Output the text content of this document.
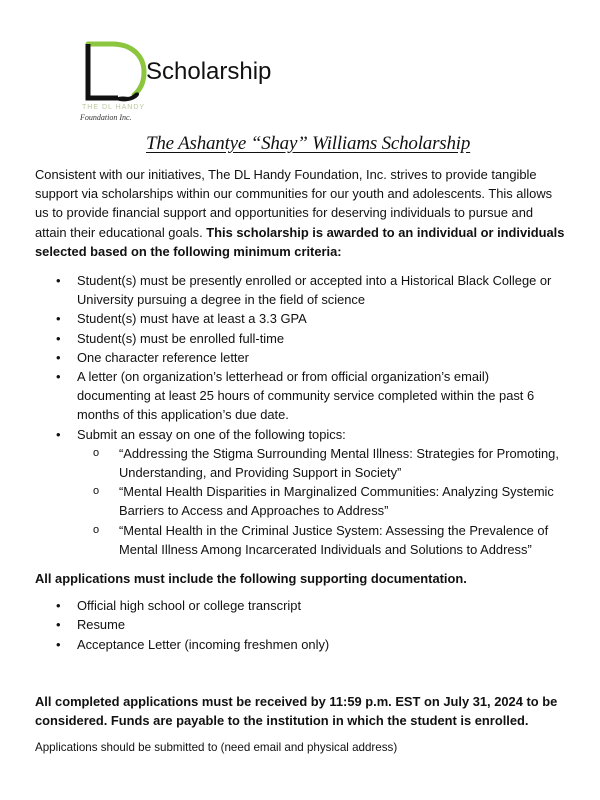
THE DL HANDY
Foundation Inc.
Scholarship
The Ashantye “Shay” Williams Scholarship

Consistent with our initiatives, The DL Handy Foundation, Inc. strives to provide tangible support via scholarships within our communities for our youth and adolescents. This allows us to provide financial support and opportunities for deserving individuals to pursue and attain their educational goals. This scholarship is awarded to an individual or individuals selected based on the following minimum criteria:

• Student(s) must be presently enrolled or accepted into a Historical Black College or University pursuing a degree in the field of science
• Student(s) must have at least a 3.3 GPA
• Student(s) must be enrolled full-time
• One character reference letter
• A letter (on organization’s letterhead or from official organization’s email) documenting at least 25 hours of community service completed within the past 6 months of this application’s due date.
• Submit an essay on one of the following topics:
o “Addressing the Stigma Surrounding Mental Illness: Strategies for Promoting, Understanding, and Providing Support in Society”
o “Mental Health Disparities in Marginalized Communities: Analyzing Systemic Barriers to Access and Approaches to Address”
o “Mental Health in the Criminal Justice System: Assessing the Prevalence of Mental Illness Among Incarcerated Individuals and Solutions to Address”
All applications must include the following supporting documentation.
• Official high school or college transcript
• Resume
• Acceptance Letter (incoming freshmen only)
All completed applications must be received by 11:59 p.m. EST on July 31, 2024 to be considered. Funds are payable to the institution in which the student is enrolled.
Applications should be submitted to (need email and physical address)
